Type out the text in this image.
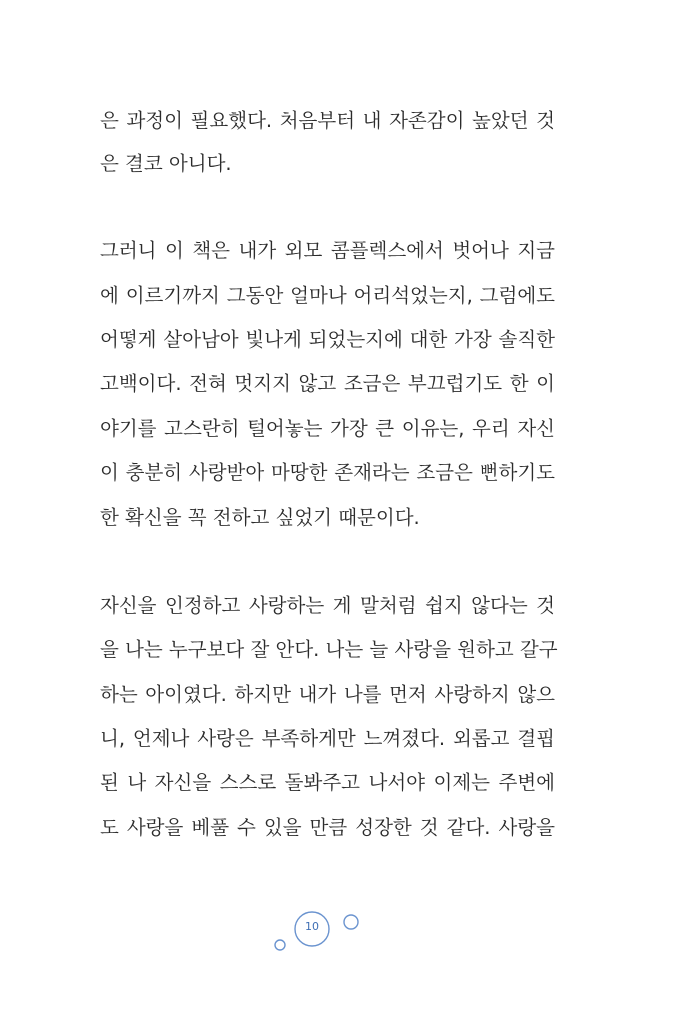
은 과정이 필요했다. 처음부터 내 자존감이 높았던 것
은 결코 아니다.
그러니 이 책은 내가 외모 콤플렉스에서 벗어나 지금
에 이르기까지 그동안 얼마나 어리석었는지, 그럼에도
어떻게 살아남아 빛나게 되었는지에 대한 가장 솔직한
고백이다. 전혀 멋지지 않고 조금은 부끄럽기도 한 이
야기를 고스란히 털어놓는 가장 큰 이유는, 우리 자신
이 충분히 사랑받아 마땅한 존재라는 조금은 뻔하기도
한 확신을 꼭 전하고 싶었기 때문이다.
자신을 인정하고 사랑하는 게 말처럼 쉽지 않다는 것
을 나는 누구보다 잘 안다. 나는 늘 사랑을 원하고 갈구
하는 아이였다. 하지만 내가 나를 먼저 사랑하지 않으
니, 언제나 사랑은 부족하게만 느껴졌다. 외롭고 결핍
된 나 자신을 스스로 돌봐주고 나서야 이제는 주변에
도 사랑을 베풀 수 있을 만큼 성장한 것 같다. 사랑을
10
